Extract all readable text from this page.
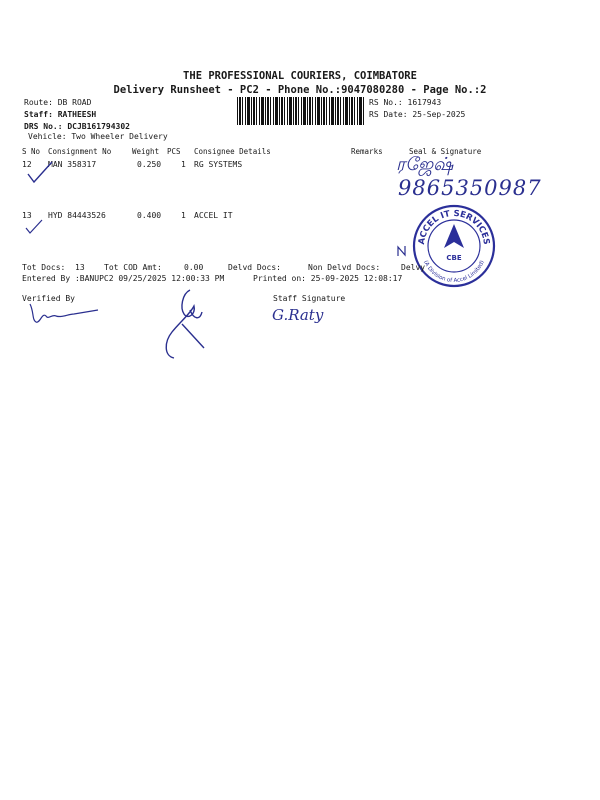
THE PROFESSIONAL COURIERS, COIMBATORE
Delivery Runsheet - PC2 - Phone No.:9047080280 - Page No.:2
Route: DB ROAD
Staff: RATHEESH
DRS No.: DCJB161794302
Vehicle: Two Wheeler Delivery
RS No.: 1617943
RS Date: 25-Sep-2025
S No Consignment No	Weight PCS Consignee Details	Remarks	Seal & Signature
12 MAN 358317	0.250 1 RG SYSTEMS
13 HYD 84443526	0.400 1 ACCEL IT
ரஜேஷ்
9865350987
ACCEL IT SERVICES
(A Division of Accel Limited)
CBE
Tot Docs: 13 Tot COD Amt:	0.00	Delvd Docs:	Non Delvd Docs:	Delvy
Entered By :BANUPC2 09/25/2025 12:00:33 PM	Printed on: 25-09-2025 12:08:17
Verified By	Staff Signature
G.Raty
